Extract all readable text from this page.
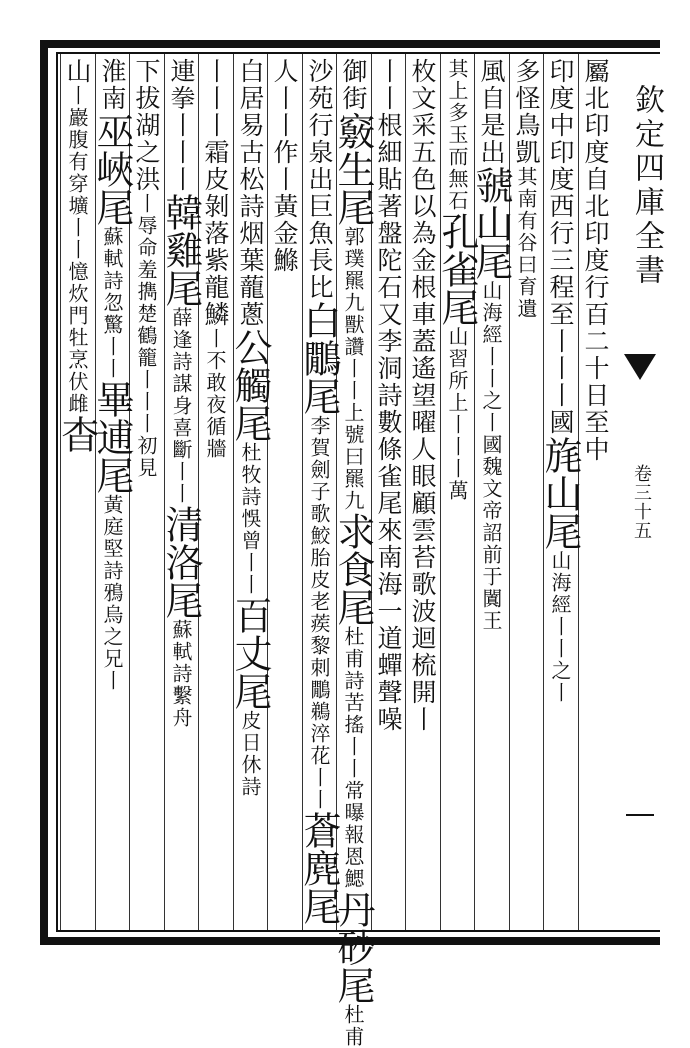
欽定四庫全書
卷三十五
屬北印度自北印度行百二十日至中
印度中印度西行三程至丨丨丨國旄山尾山海經丨丨之丨
多怪鳥凱其南有谷曰育遺
風自是出虢山尾山海經丨丨之丨國魏文帝詔前于闐王
其上多玉而無石孔雀尾山習所上丨丨丨萬
枚文采五色以為金根車蓋遙望曜人眼顧雲苔歌波迴梳開丨
丨丨根細貼著盤陀石又李洞詩數條雀尾來南海一道蟬聲噪
御街竅生尾郭璞羆九獸讚丨丨上號曰羆九求食尾杜甫詩苦搖丨丨常曝報恩鰓丹砂尾杜甫
沙苑行泉出巨魚長比白鷳尾李賀劍子歌鮫胎皮老蒺黎刺鷳鵜淬花丨丨蒼麂尾
人丨丨作丨黃金鰷
白居易古松詩烟葉蘢蔥公觸尾杜牧詩悞曾丨丨百丈尾皮日休詩
丨丨丨霜皮剝落紫龍鱗丨不敢夜循牆
連拳丨丨丨韓雞尾薛逢詩謀身喜斷丨丨清洛尾蘇軾詩繫舟
下拔湖之洪丨辱命羞擕楚鶴籠丨丨丨初見
淮南巫峽尾蘇軾詩忽驚丨丨畢逋尾黃庭堅詩鴉烏之兄丨
山丨巖腹有穿壙丨丨憶炊門牡烹伏雌杳
